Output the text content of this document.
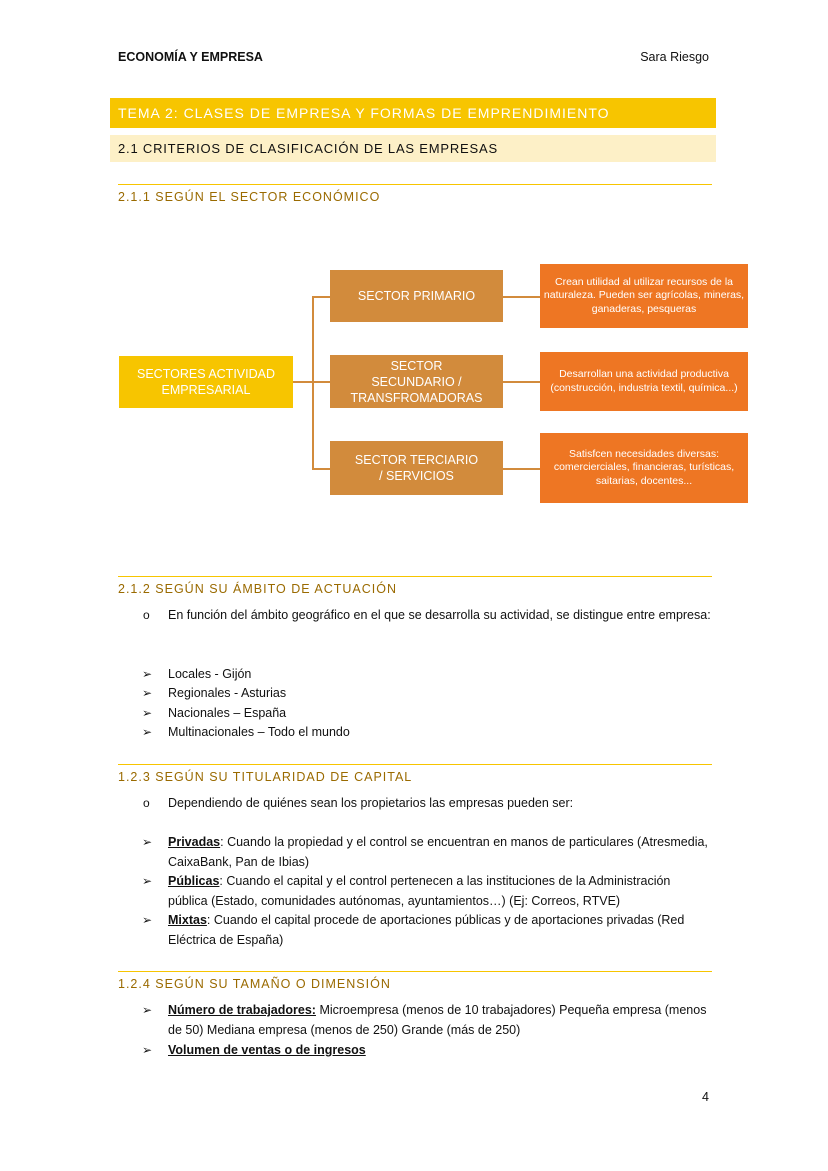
ECONOMÍA Y EMPRESA	Sara Riesgo
TEMA 2: CLASES DE EMPRESA Y FORMAS DE EMPRENDIMIENTO
2.1 CRITERIOS DE CLASIFICACIÓN DE LAS EMPRESAS
2.1.1 SEGÚN EL SECTOR ECONÓMICO
SECTORES ACTIVIDAD EMPRESARIAL
SECTOR PRIMARIO
SECTOR SECUNDARIO / TRANSFROMADORAS
SECTOR TERCIARIO / SERVICIOS
Crean utilidad al utilizar recursos de la naturaleza. Pueden ser agrícolas, mineras, ganaderas, pesqueras
Desarrollan una actividad productiva (construcción, industria textil, química...)
Satisfcen necesidades diversas: comercierciales, financieras, turísticas, saitarias, docentes...
2.1.2 SEGÚN SU ÁMBITO DE ACTUACIÓN
o En función del ámbito geográfico en el que se desarrolla su actividad, se distingue entre empresa:
➢ Locales - Gijón
➢ Regionales - Asturias
➢ Nacionales – España
➢ Multinacionales – Todo el mundo
1.2.3 SEGÚN SU TITULARIDAD DE CAPITAL
o Dependiendo de quiénes sean los propietarios las empresas pueden ser:
➢ Privadas: Cuando la propiedad y el control se encuentran en manos de particulares (Atresmedia, CaixaBank, Pan de Ibias)
➢ Públicas: Cuando el capital y el control pertenecen a las instituciones de la Administración pública (Estado, comunidades autónomas, ayuntamientos…) (Ej: Correos, RTVE)
➢ Mixtas: Cuando el capital procede de aportaciones públicas y de aportaciones privadas (Red Eléctrica de España)
1.2.4 SEGÚN SU TAMAÑO O DIMENSIÓN
➢ Número de trabajadores: Microempresa (menos de 10 trabajadores) Pequeña empresa (menos de 50) Mediana empresa (menos de 250) Grande (más de 250)
➢ Volumen de ventas o de ingresos
4
